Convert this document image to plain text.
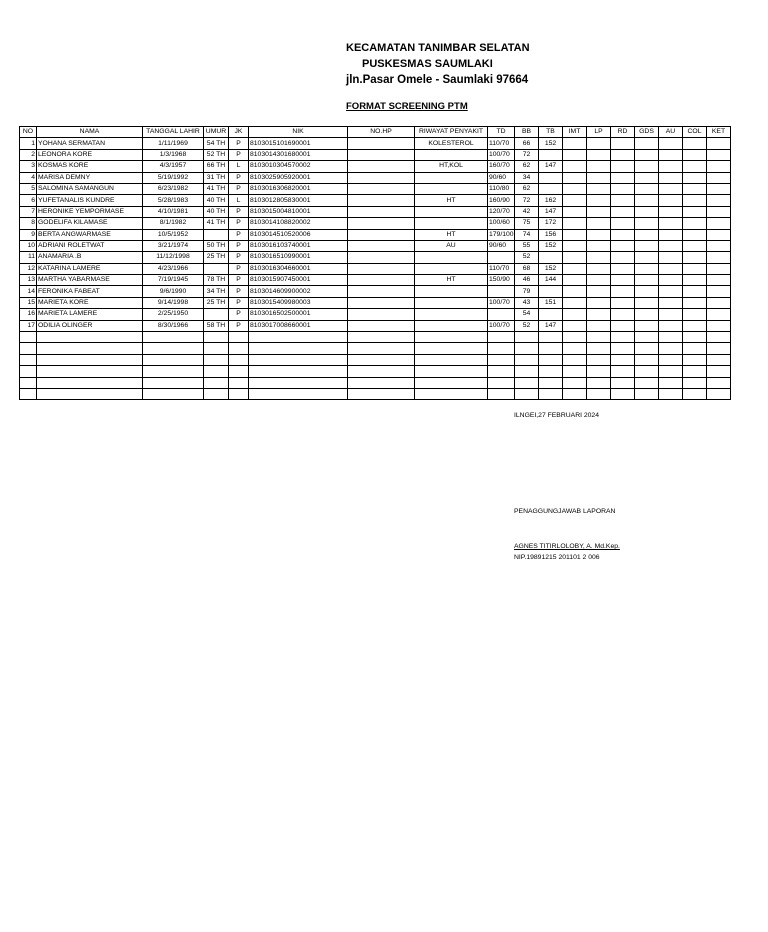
KECAMATAN TANIMBAR SELATAN
PUSKESMAS SAUMLAKI
jln.Pasar Omele - Saumlaki 97664
FORMAT SCREENING PTM
NO	NAMA	TANGGAL LAHIR	UMUR	JK	NIK	NO.HP	RIWAYAT PENYAKIT	TD	BB	TB	IMT	LP	RD	GDS	AU	COL	KET
1	YOHANA SERMATAN	1/11/1969	54 TH	P	8103015101690001		KOLESTEROL	110/70	66	152							
2	LEONORA KORE	1/3/1968	52 TH	P	8103014301680001			100/70	72								
3	KOSMAS KORE	4/3/1957	66 TH	L	8103010304570002		HT,KOL	160/70	62	147							
4	MARISA DEMNY	5/19/1992	31 TH	P	8103025905920001			90/60	34								
5	SALOMINA SAMANGUN	6/23/1982	41 TH	P	8103016306820001			110/80	62								
6	YUFETANALIS KUNDRE	5/28/1983	40 TH	L	8103012805830001		HT	160/90	72	162							
7	HERONIKE YEMPORMASE	4/10/1981	40 TH	P	8103015004810001			120/70	42	147							
8	GODELIFA KILAMASE	8/1/1982	41 TH	P	8103014108820002			100/60	75	172							
9	BERTA ANGWARMASE	10/5/1952		P	8103014510520006		HT	179/100	74	156							
10	ADRIANI ROLETWAT	3/21/1974	50 TH	P	8103016103740001		AU	90/60	55	152							
11	ANAMARIA .B	11/12/1998	25 TH	P	8103016510990001				52								
12	KATARINA LAMERE	4/23/1966		P	8103016304660001			110/70	68	152							
13	MARTHA YABARMASE	7/19/1945	78 TH	P	8103015907450001		HT	150/90	46	144							
14	FERONIKA FABEAT	9/6/1990	34 TH	P	8103014609900002				79								
15	MARIETA KORE	9/14/1998	25 TH	P	8103015409980003			100/70	43	151							
16	MARIETA LAMERE	2/25/1950		P	8103016502500001				54								
17	ODILIA OLINGER	8/30/1966	58 TH	P	8103017008660001			100/70	52	147							

ILNGEI,27 FEBRUARI 2024
PENAGGUNGJAWAB LAPORAN
AGNES TITIRLOLOBY, A. Md.Kep.
NIP.19891215 201101 2 006
